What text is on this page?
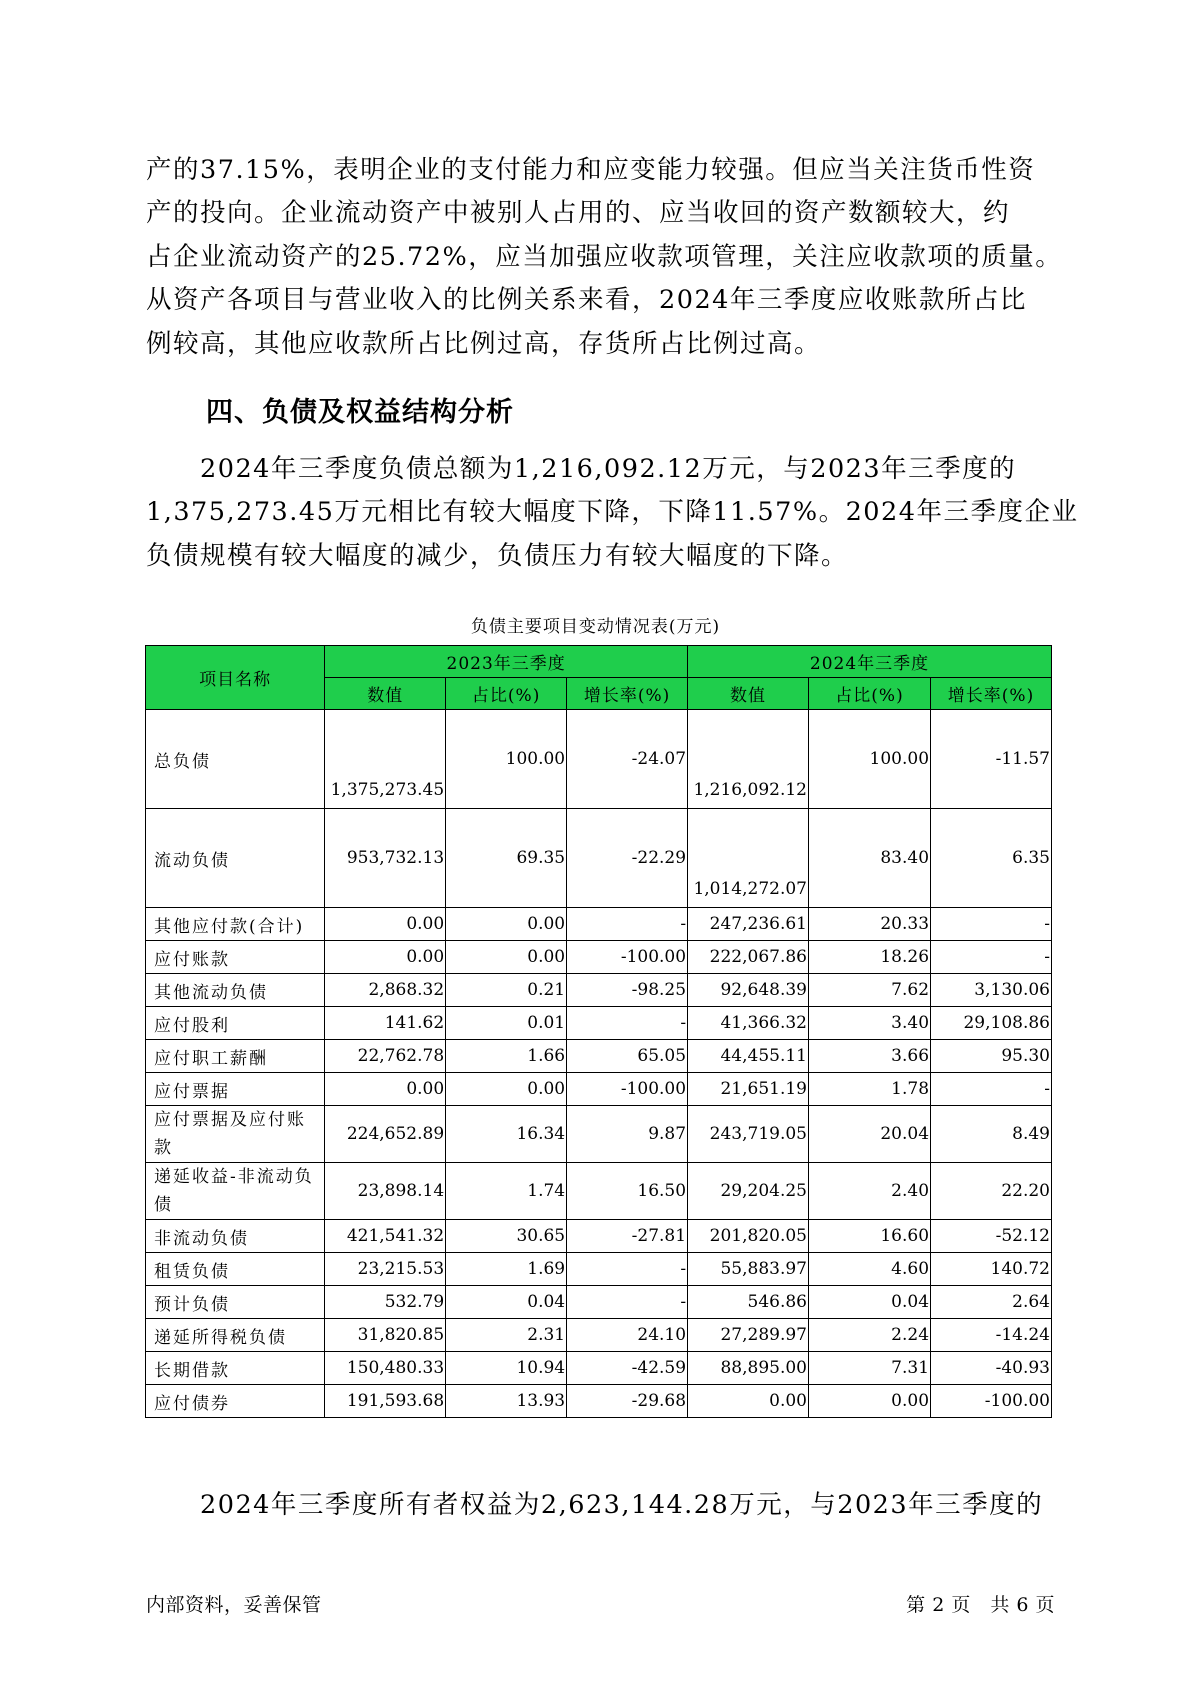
产的37.15%，表明企业的支付能力和应变能力较强。但应当关注货币性资

产的投向。企业流动资产中被别人占用的、应当收回的资产数额较大，约

占企业流动资产的25.72%，应当加强应收款项管理，关注应收款项的质量。

从资产各项目与营业收入的比例关系来看，2024年三季度应收账款所占比

例较高，其他应收款所占比例过高，存货所占比例过高。

四、负债及权益结构分析

　　2024年三季度负债总额为1,216,092.12万元，与2023年三季度的

1,375,273.45万元相比有较大幅度下降，下降11.57%。2024年三季度企业

负债规模有较大幅度的减少，负债压力有较大幅度的下降。

负债主要项目变动情况表(万元)
项目名称	2023年三季度			2024年三季度		
	数值	占比(%)	增长率(%)	数值	占比(%)	增长率(%)
总负债	1,375,273.45	100.00	-24.07	1,216,092.12	100.00	-11.57
流动负债	953,732.13	69.35	-22.29	1,014,272.07	83.40	6.35
其他应付款(合计)	0.00	0.00	-	247,236.61	20.33	-
应付账款	0.00	0.00	-100.00	222,067.86	18.26	-
其他流动负债	2,868.32	0.21	-98.25	92,648.39	7.62	3,130.06
应付股利	141.62	0.01	-	41,366.32	3.40	29,108.86
应付职工薪酬	22,762.78	1.66	65.05	44,455.11	3.66	95.30
应付票据	0.00	0.00	-100.00	21,651.19	1.78	-
应付票据及应付账款	224,652.89	16.34	9.87	243,719.05	20.04	8.49
递延收益-非流动负债	23,898.14	1.74	16.50	29,204.25	2.40	22.20
非流动负债	421,541.32	30.65	-27.81	201,820.05	16.60	-52.12
租赁负债	23,215.53	1.69	-	55,883.97	4.60	140.72
预计负债	532.79	0.04	-	546.86	0.04	2.64
递延所得税负债	31,820.85	2.31	24.10	27,289.97	2.24	-14.24
长期借款	150,480.33	10.94	-42.59	88,895.00	7.31	-40.93
应付债券	191,593.68	13.93	-29.68	0.00	0.00	-100.00

　　2024年三季度所有者权益为2,623,144.28万元，与2023年三季度的

内部资料，妥善保管	第 2 页　共 6 页
